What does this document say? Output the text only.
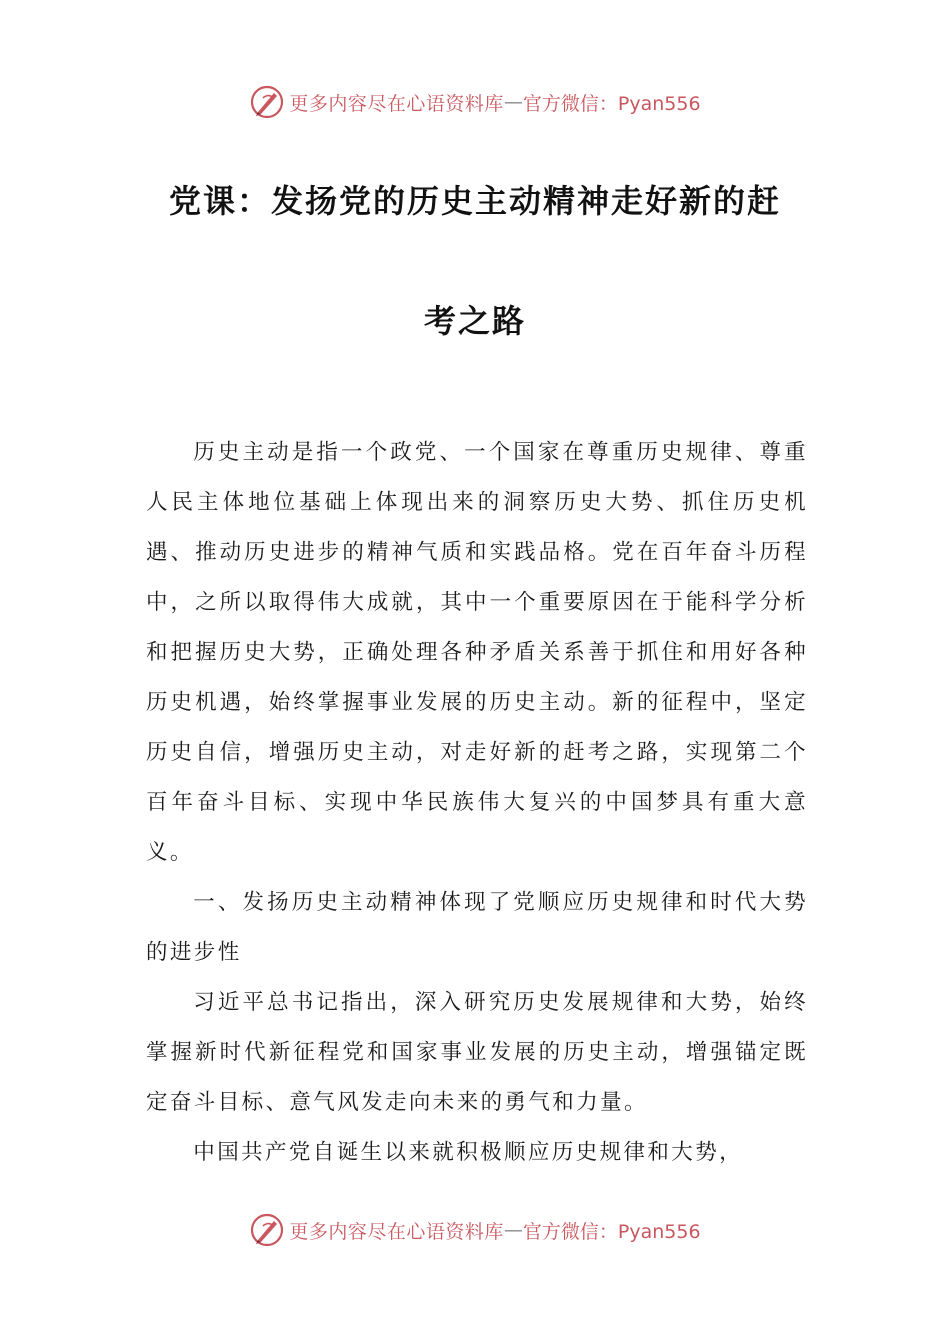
更多内容尽在心语资料库 — 官方微信：Pyan556
党课：发扬党的历史主动精神走好新的赶
考之路

历史主动是指一个政党、一个国家在尊重历史规律、尊重人民主体地位基础上体现出来的洞察历史大势、抓住历史机遇、推动历史进步的精神气质和实践品格。党在百年奋斗历程中，之所以取得伟大成就，其中一个重要原因在于能科学分析和把握历史大势，正确处理各种矛盾关系善于抓住和用好各种历史机遇，始终掌握事业发展的历史主动。新的征程中，坚定历史自信，增强历史主动，对走好新的赶考之路，实现第二个百年奋斗目标、实现中华民族伟大复兴的中国梦具有重大意义。

一、发扬历史主动精神体现了党顺应历史规律和时代大势的进步性

习近平总书记指出，深入研究历史发展规律和大势，始终掌握新时代新征程党和国家事业发展的历史主动，增强锚定既定奋斗目标、意气风发走向未来的勇气和力量。

中国共产党自诞生以来就积极顺应历史规律和大势，

更多内容尽在心语资料库 — 官方微信：Pyan556
